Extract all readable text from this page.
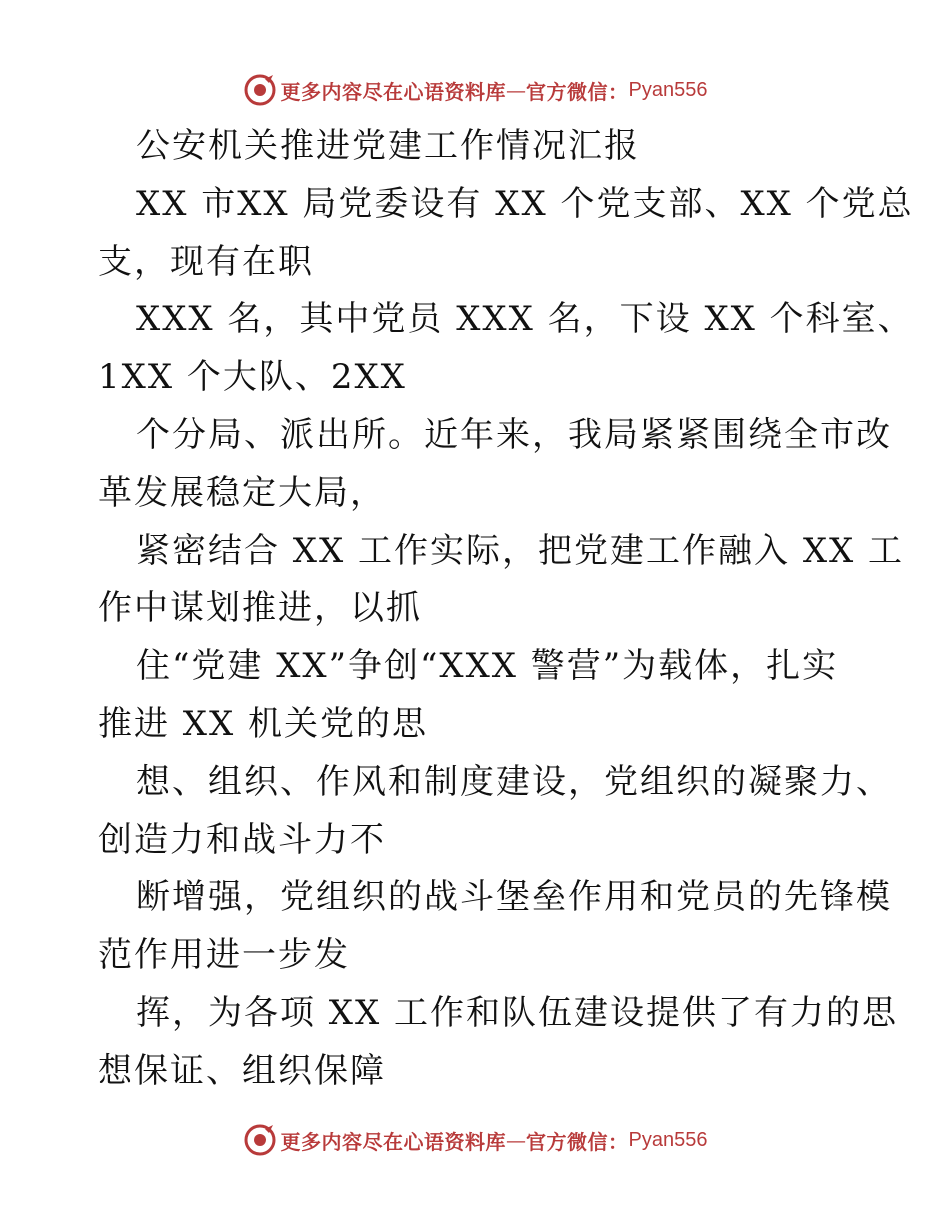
更多内容尽在心语资料库 — 官方微信： Pyan556
公安机关推进党建工作情况汇报
XX 市XX 局党委设有 XX 个党支部、XX 个党总
支，现有在职
XXX 名，其中党员 XXX 名，下设 XX 个科室、
1XX 个大队、2XX
个分局、派出所。近年来，我局紧紧围绕全市改
革发展稳定大局，
紧密结合 XX 工作实际，把党建工作融入 XX 工
作中谋划推进，以抓
住“党建 XX”争创“XXX 警营”为载体，扎实
推进 XX 机关党的思
想、组织、作风和制度建设，党组织的凝聚力、
创造力和战斗力不
断增强，党组织的战斗堡垒作用和党员的先锋模
范作用进一步发
挥，为各项 XX 工作和队伍建设提供了有力的思
想保证、组织保障
更多内容尽在心语资料库 — 官方微信： Pyan556
